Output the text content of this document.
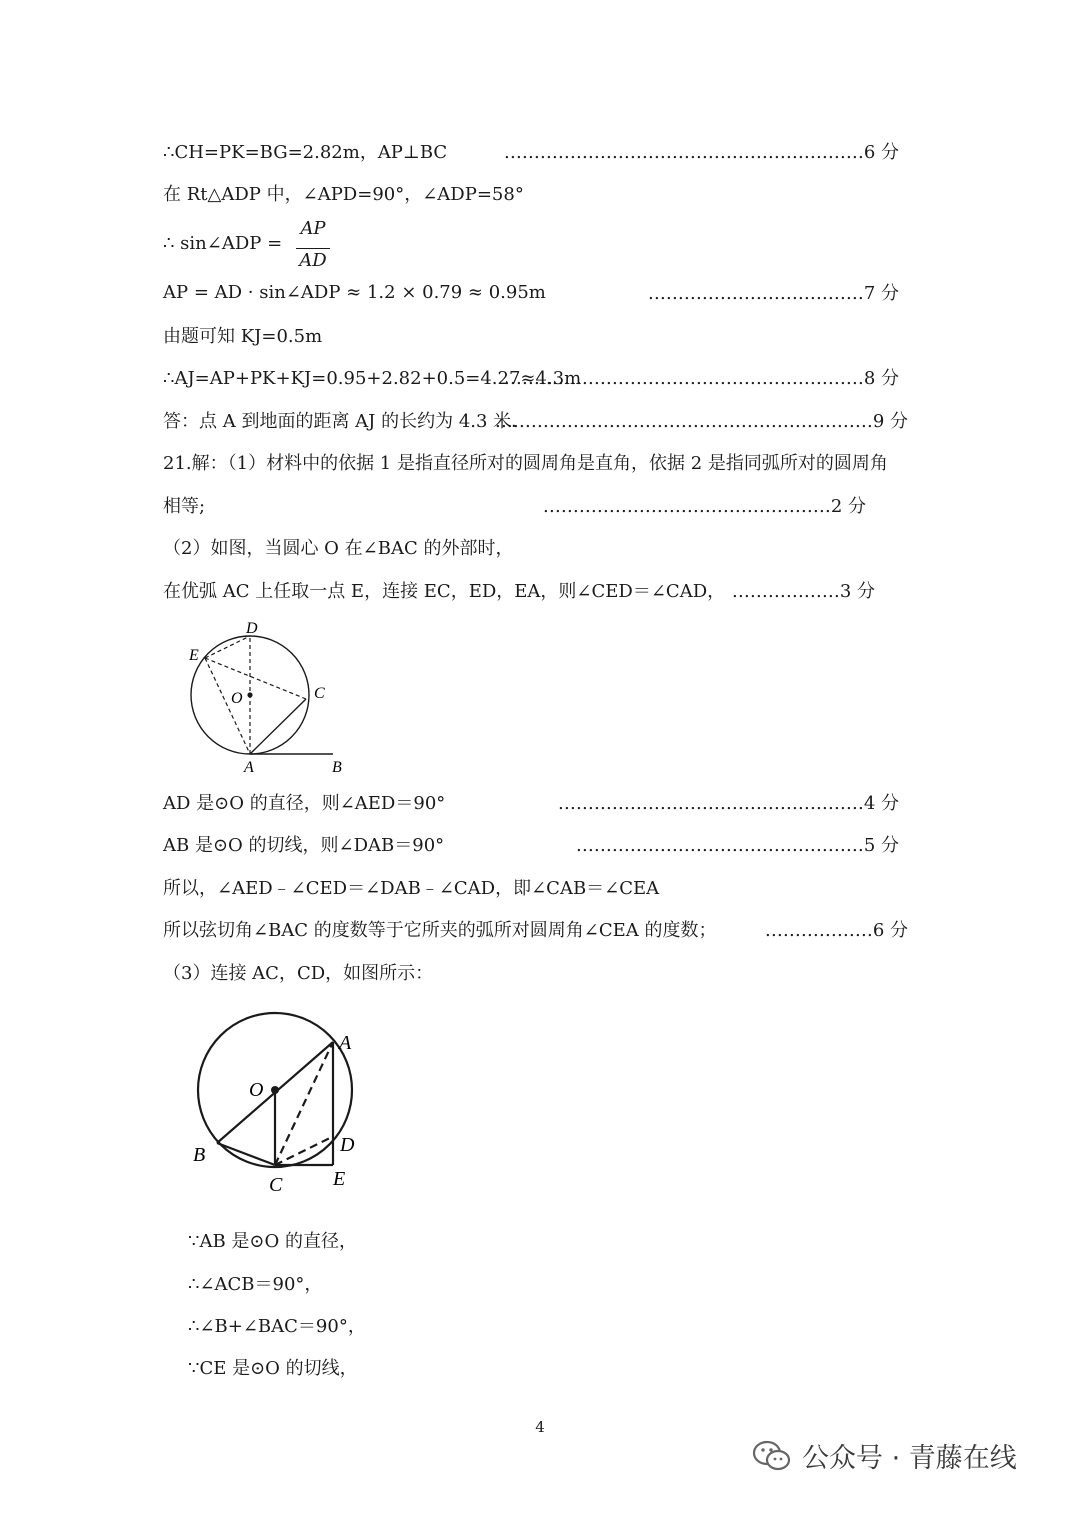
∴CH=PK=BG=2.82m，AP⊥BC	……………………………………………………6 分
在 Rt△ADP 中，∠APD=90°，∠ADP=58°
∴ sin∠ADP =
AP
AD
AP = AD · sin∠ADP ≈ 1.2 × 0.79 ≈ 0.95m	………………………………7 分
由题可知 KJ=0.5m
∴AJ=AP+PK+KJ=0.95+2.82+0.5=4.27≈4.3m
……………………………………………………8 分
答：点 A 到地面的距离 AJ 的长约为 4.3 米．
………………………………………………………9 分
21.解：（1）材料中的依据 1 是指直径所对的圆周角是直角，依据 2 是指同弧所对的圆周角
相等;	…………………………………………2 分
（2）如图，当圆心 O 在∠BAC 的外部时，
在优弧 AC 上任取一点 E，连接 EC，ED，EA，则∠CED＝∠CAD， ………………3 分
D
E
O	C
A	B
AD 是⊙O 的直径，则∠AED＝90°	……………………………………………4 分
AB 是⊙O 的切线，则∠DAB＝90°	…………………………………………5 分
所以，∠AED﹣∠CED＝∠DAB﹣∠CAD，即∠CAB＝∠CEA
所以弦切角∠BAC 的度数等于它所夹的弧所对圆周角∠CEA 的度数；	………………6 分
（3）连接 AC，CD，如图所示：
A
O
D
B
C	E
∵AB 是⊙O 的直径，
∴∠ACB＝90°，
∴∠B+∠BAC＝90°，
∵CE 是⊙O 的切线，
4
公众号 · 青藤在线
